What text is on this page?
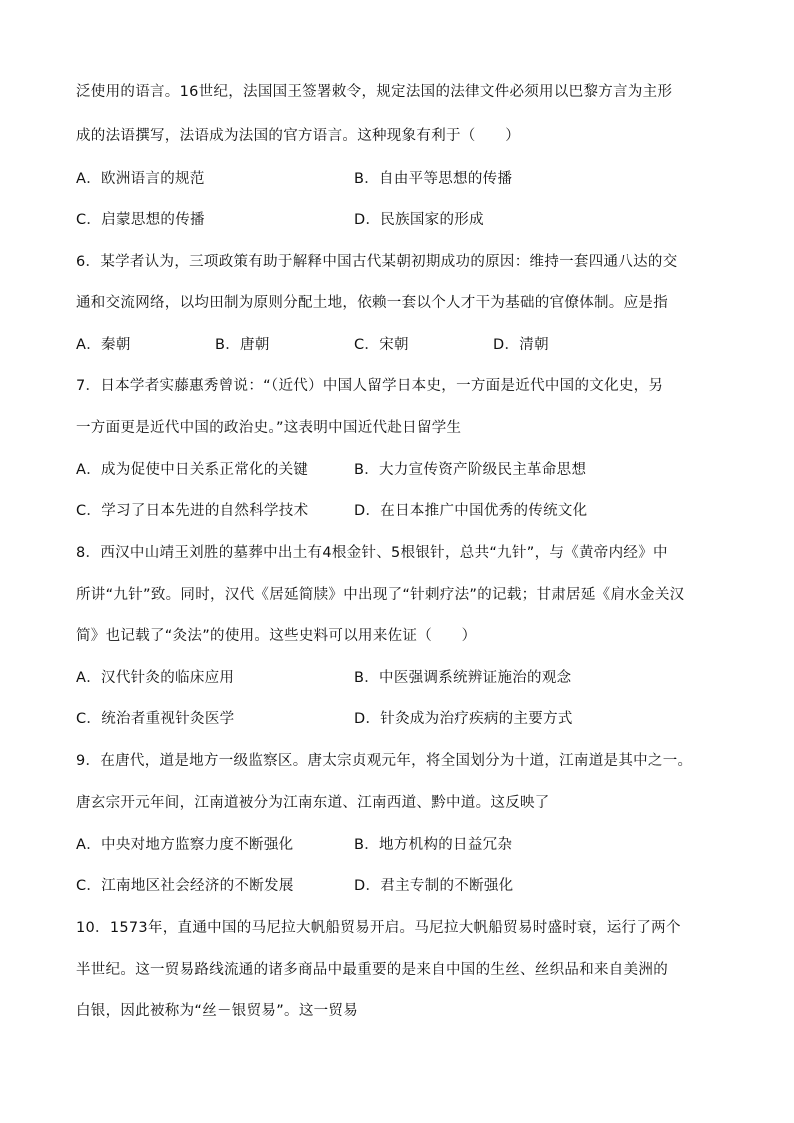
泛使用的语言。16世纪，法国国王签署敕令，规定法国的法律文件必须用以巴黎方言为主形
成的法语撰写，法语成为法国的官方语言。这种现象有利于（　　）
A．欧洲语言的规范	B．自由平等思想的传播
C．启蒙思想的传播	D．民族国家的形成
6．某学者认为，三项政策有助于解释中国古代某朝初期成功的原因：维持一套四通八达的交
通和交流网络，以均田制为原则分配土地，依赖一套以个人才干为基础的官僚体制。应是指
A．秦朝	B．唐朝	C．宋朝	D．清朝
7．日本学者实藤惠秀曾说：“（近代）中国人留学日本史，一方面是近代中国的文化史，另
一方面更是近代中国的政治史。”这表明中国近代赴日留学生
A．成为促使中日关系正常化的关键	B．大力宣传资产阶级民主革命思想
C．学习了日本先进的自然科学技术	D．在日本推广中国优秀的传统文化
8．西汉中山靖王刘胜的墓葬中出土有4根金针、5根银针，总共“九针”，与《黄帝内经》中
所讲“九针”致。同时，汉代《居延简牍》中出现了“针刺疗法”的记载；甘肃居延《肩水金关汉
简》也记载了“灸法”的使用。这些史料可以用来佐证（　　）
A．汉代针灸的临床应用	B．中医强调系统辨证施治的观念
C．统治者重视针灸医学	D．针灸成为治疗疾病的主要方式
9．在唐代，道是地方一级监察区。唐太宗贞观元年，将全国划分为十道，江南道是其中之一。
唐玄宗开元年间，江南道被分为江南东道、江南西道、黔中道。这反映了
A．中央对地方监察力度不断强化	B．地方机构的日益冗杂
C．江南地区社会经济的不断发展	D．君主专制的不断强化
10．1573年，直通中国的马尼拉大帆船贸易开启。马尼拉大帆船贸易时盛时衰，运行了两个
半世纪。这一贸易路线流通的诸多商品中最重要的是来自中国的生丝、丝织品和来自美洲的
白银，因此被称为“丝－银贸易”。这一贸易
